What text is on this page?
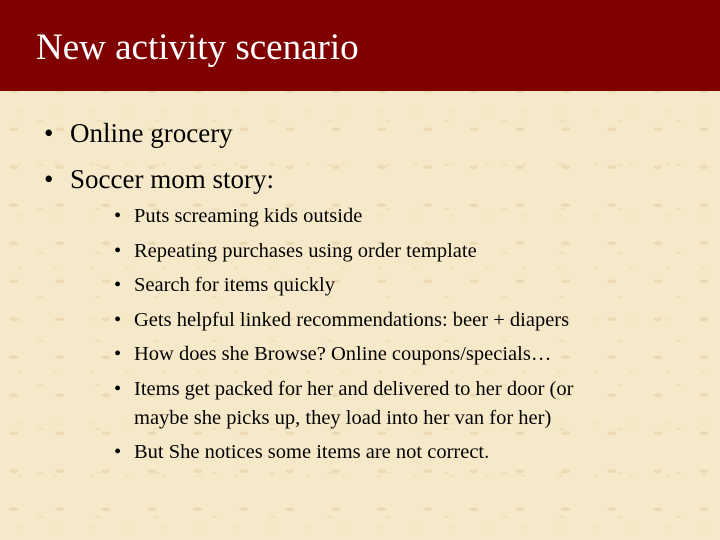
New activity scenario
• Online grocery
• Soccer mom story:
• Puts screaming kids outside
• Repeating purchases using order template
• Search for items quickly
• Gets helpful linked recommendations: beer + diapers
• How does she Browse? Online coupons/specials…
• Items get packed for her and delivered to her door (or
maybe she picks up, they load into her van for her)
• But She notices some items are not correct.
